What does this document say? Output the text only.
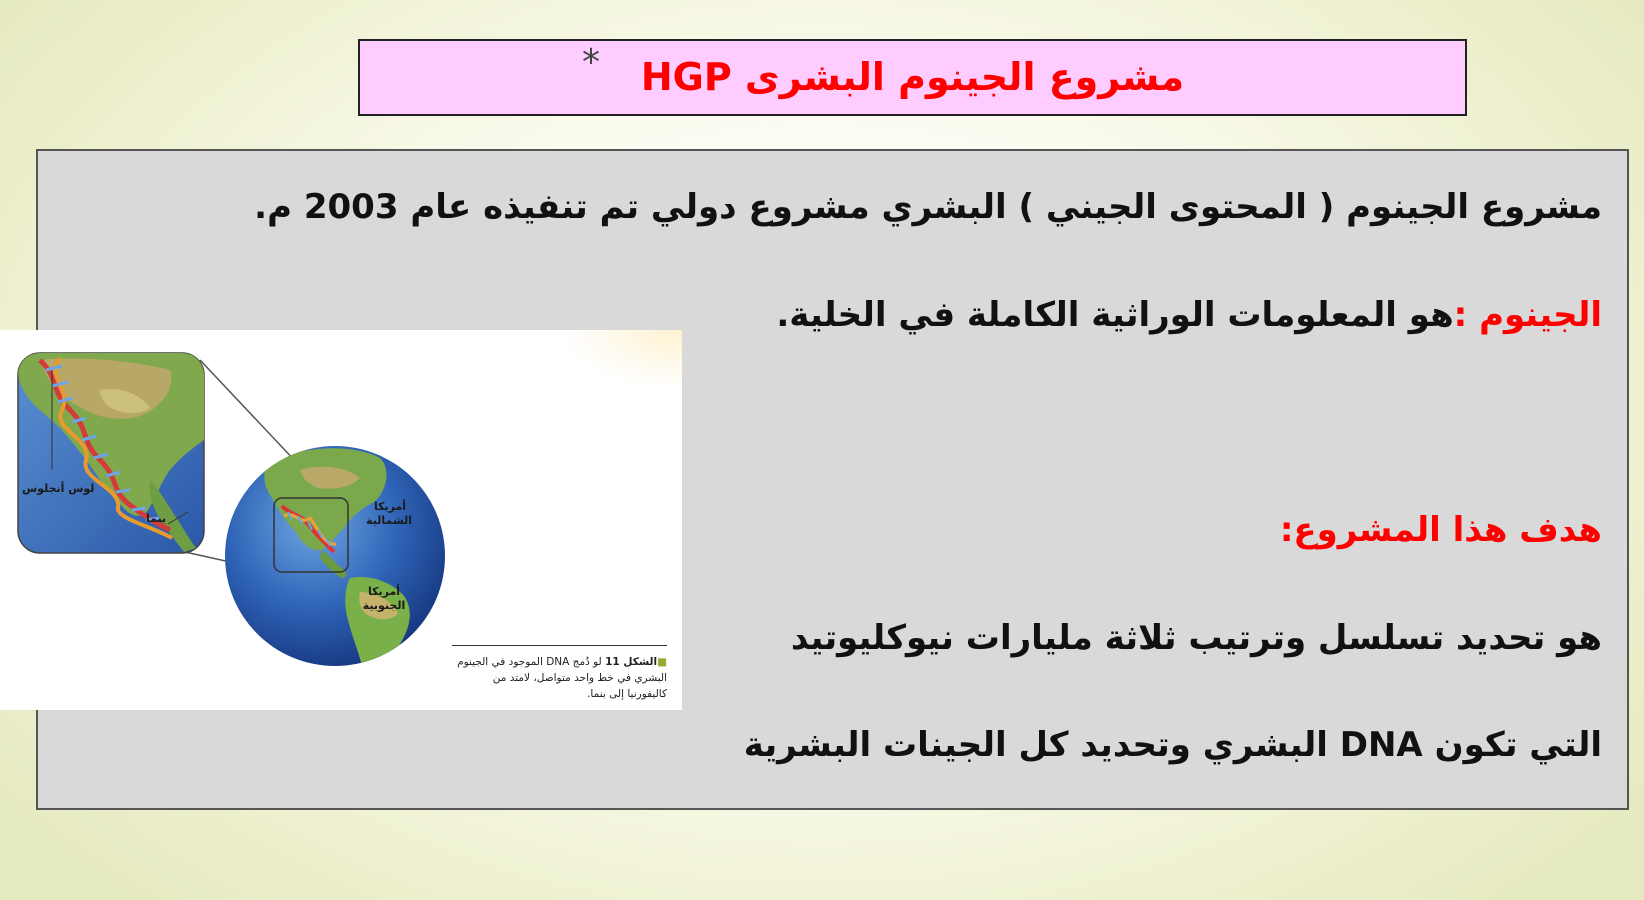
*	مشروع الجينوم البشرى HGP
مشروع الجينوم ( المحتوى الجيني ) البشري مشروع دولي تم تنفيذه عام 2003 م.
الجينوم :هو المعلومات الوراثية الكاملة في الخلية.
هدف هذا المشروع:
هو تحديد تسلسل وترتيب ثلاثة مليارات نيوكليوتيد
التي تكون DNA البشري وتحديد كل الجينات البشرية
لوس أنجلوس
بنما
أمريكا الشمالية
أمريكا الجنوبية
■الشكل 11 لو دُمج DNA الموجود في الجينوم البشري في خط واحد متواصل، لامتد من كاليفورنيا إلى بنما.
